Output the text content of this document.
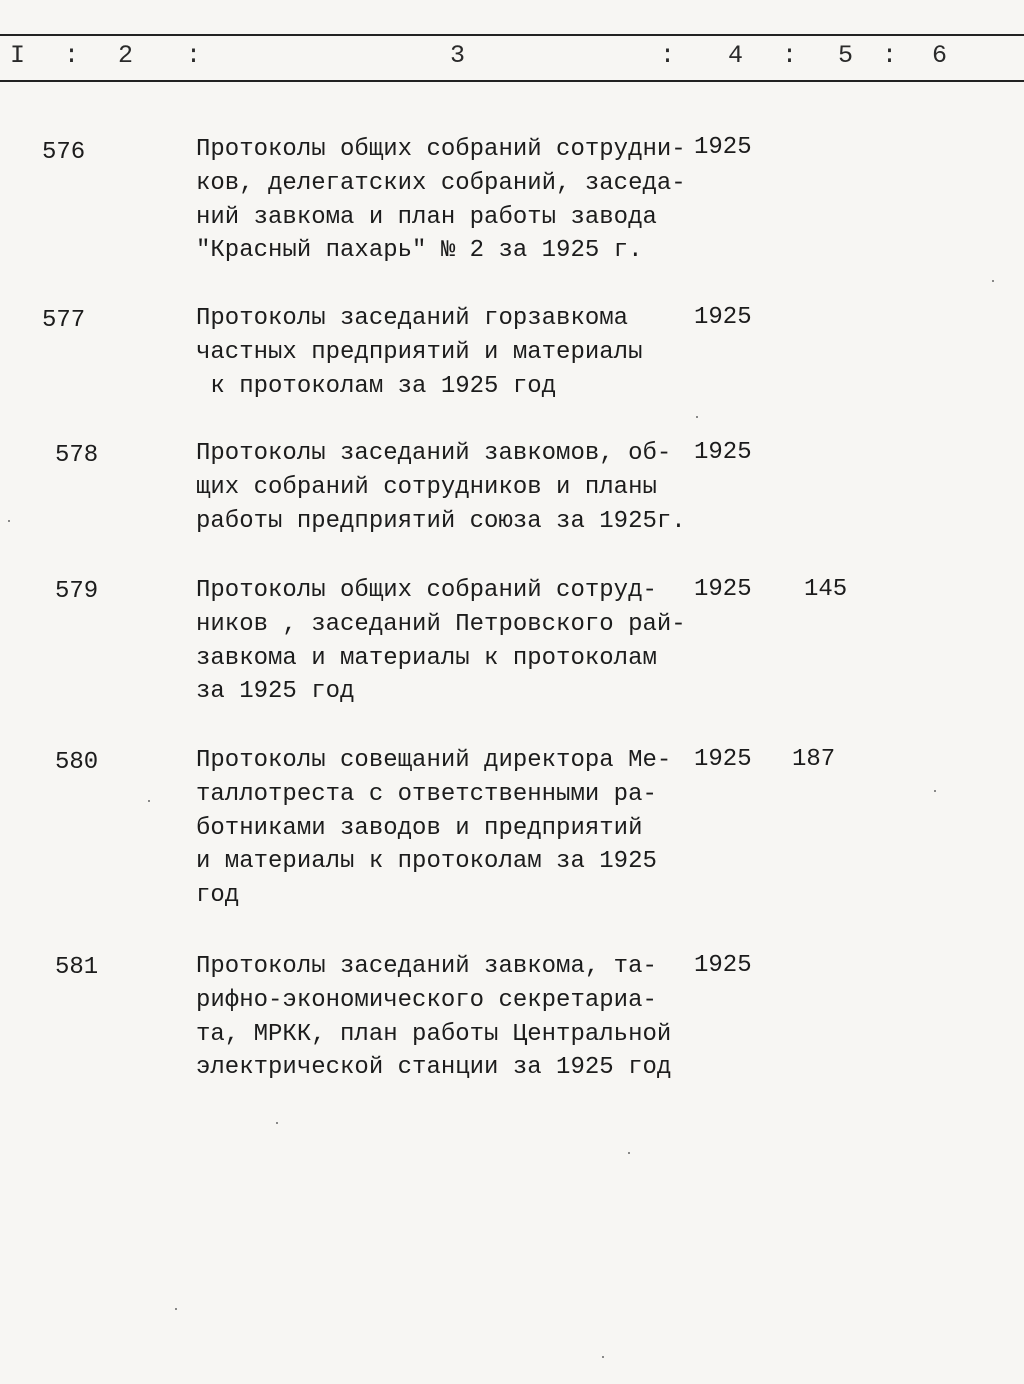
I : 2 :	3	: 4 : 5 : 6
576	Протоколы общих собраний сотрудни-
ков, делегатских собраний, заседа-
ний завкома и план работы завода
"Красный пахарь" № 2 за 1925 г.
1925
577	Протоколы заседаний горзавкома
частных предприятий и материалы
к протоколам за 1925 год
1925
578	Протоколы заседаний завкомов, об-
щих собраний сотрудников и планы
работы предприятий союза за 1925г.
1925
579	Протоколы общих собраний сотруд-
ников , заседаний Петровского рай-
завкома и материалы к протоколам
за 1925 год
1925 145
580	Протоколы совещаний директора Ме-
таллотреста с ответственными ра-
ботниками заводов и предприятий
и материалы к протоколам за 1925
год
1925 187
581	Протоколы заседаний завкома, та-
рифно-экономического секретариа-
та, МРКК, план работы Центральной
электрической станции за 1925 год
1925
